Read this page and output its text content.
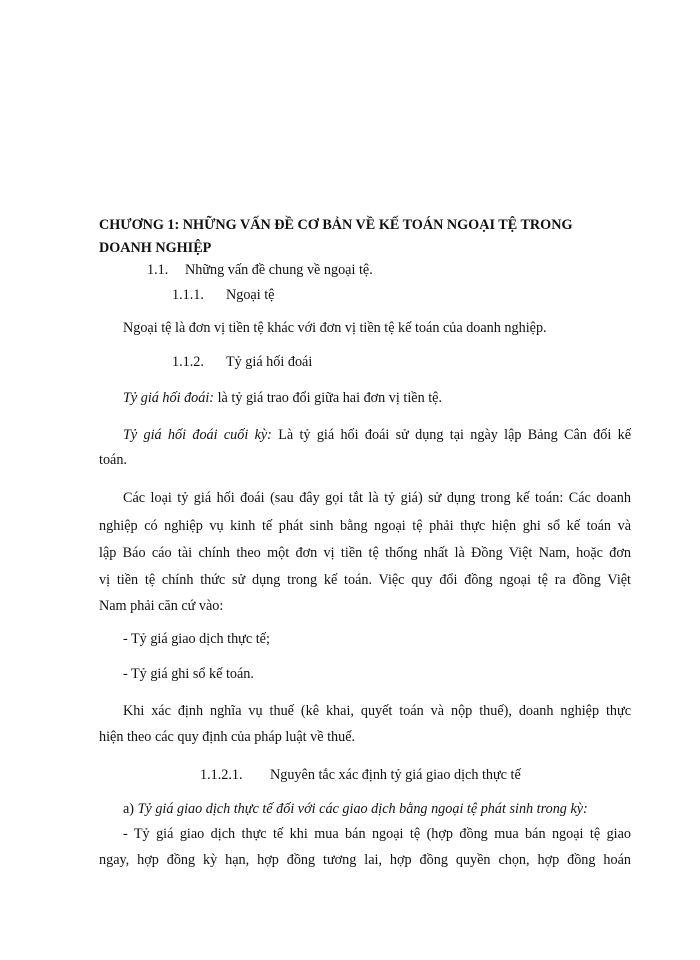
CHƯƠNG 1: NHỮNG VẤN ĐỀ CƠ BẢN VỀ KẾ TOÁN NGOẠI TỆ TRONG
DOANH NGHIỆP
1.1. Những vấn đề chung về ngoại tệ.
1.1.1. Ngoại tệ
Ngoại tệ là đơn vị tiền tệ khác với đơn vị tiền tệ kế toán của doanh nghiệp.
1.1.2. Tỷ giá hối đoái
Tỷ giá hối đoái: là tỷ giá trao đổi giữa hai đơn vị tiền tệ.
Tỷ giá hối đoái cuối kỳ: Là tỷ giá hối đoái sử dụng tại ngày lập Bảng Cân đối kế
toán.
Các loại tỷ giá hối đoái (sau đây gọi tắt là tỷ giá) sử dụng trong kế toán: Các doanh
nghiệp có nghiệp vụ kinh tế phát sinh bằng ngoại tệ phải thực hiện ghi sổ kế toán và
lập Báo cáo tài chính theo một đơn vị tiền tệ thống nhất là Đồng Việt Nam, hoặc đơn
vị tiền tệ chính thức sử dụng trong kế toán. Việc quy đổi đồng ngoại tệ ra đồng Việt
Nam phải căn cứ vào:
- Tỷ giá giao dịch thực tế;
- Tỷ giá ghi sổ kế toán.
Khi xác định nghĩa vụ thuế (kê khai, quyết toán và nộp thuế), doanh nghiệp thực
hiện theo các quy định của pháp luật về thuế.
1.1.2.1. Nguyên tắc xác định tỷ giá giao dịch thực tế
a) Tỷ giá giao dịch thực tế đối với các giao dịch bằng ngoại tệ phát sinh trong kỳ:
- Tỷ giá giao dịch thực tế khi mua bán ngoại tệ (hợp đồng mua bán ngoại tệ giao
ngay, hợp đồng kỳ hạn, hợp đồng tương lai, hợp đồng quyền chọn, hợp đồng hoán
